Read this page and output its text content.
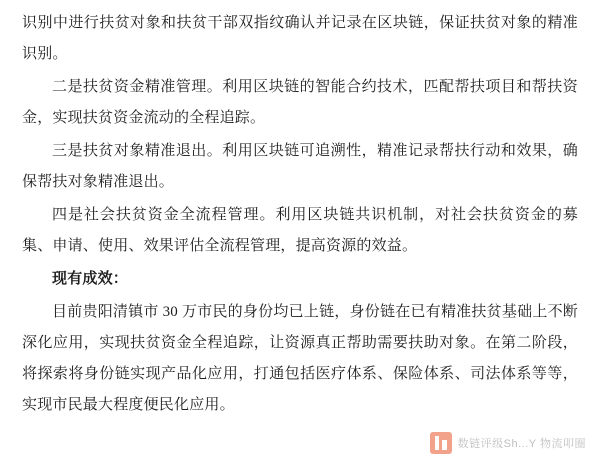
识别中进行扶贫对象和扶贫干部双指纹确认并记录在区块链，保证扶贫对象的精准识别。

二是扶贫资金精准管理。利用区块链的智能合约技术，匹配帮扶项目和帮扶资金，实现扶贫资金流动的全程追踪。

三是扶贫对象精准退出。利用区块链可追溯性，精准记录帮扶行动和效果，确保帮扶对象精准退出。

四是社会扶贫资金全流程管理。利用区块链共识机制，对社会扶贫资金的募集、申请、使用、效果评估全流程管理，提高资源的效益。

现有成效：

目前贵阳清镇市 30 万市民的身份均已上链，身份链在已有精准扶贫基础上不断深化应用，实现扶贫资金全程追踪，让资源真正帮助需要扶助对象。在第二阶段，将探索将身份链实现产品化应用，打通包括医疗体系、保险体系、司法体系等等，实现市民最大程度便民化应用。

数链评级Sh...Y 物流叩圈
